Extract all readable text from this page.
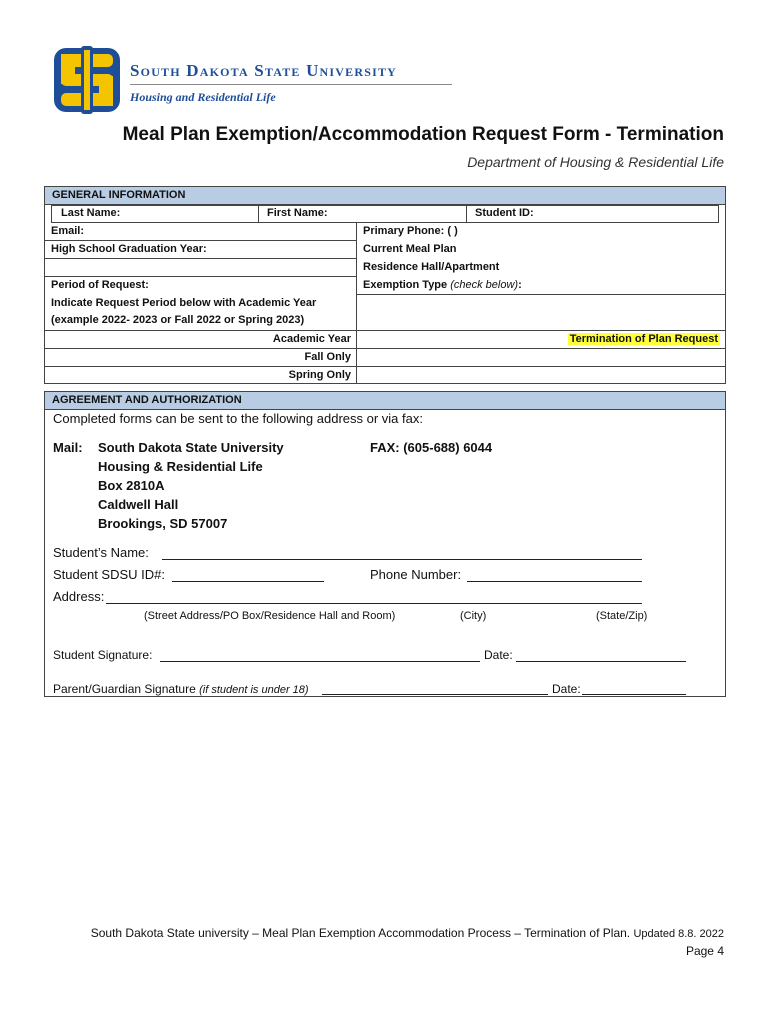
South Dakota State University
Housing and Residential Life
Meal Plan Exemption/Accommodation Request Form - Termination
Department of Housing & Residential Life
GENERAL INFORMATION
Last Name:	First Name:	Student ID:
Email:	Primary Phone: ( )
High School Graduation Year:	Current Meal Plan
Residence Hall/Apartment
Period of Request:	Exemption Type (check below):
Indicate Request Period below with Academic Year
(example 2022- 2023 or Fall 2022 or Spring 2023)
Academic Year	Termination of Plan Request
Fall Only
Spring Only
AGREEMENT AND AUTHORIZATION
Completed forms can be sent to the following address or via fax:
Mail: South Dakota State University
Housing & Residential Life
Box 2810A
Caldwell Hall
Brookings, SD 57007
FAX: (605-688) 6044
Student’s Name:
Student SDSU ID#:	Phone Number:
Address:
(Street Address/PO Box/Residence Hall and Room)	(City)	(State/Zip)
Student Signature:	Date:
Parent/Guardian Signature (if student is under 18)	Date:
South Dakota State university – Meal Plan Exemption Accommodation Process – Termination of Plan. Updated 8.8. 2022
Page 4
